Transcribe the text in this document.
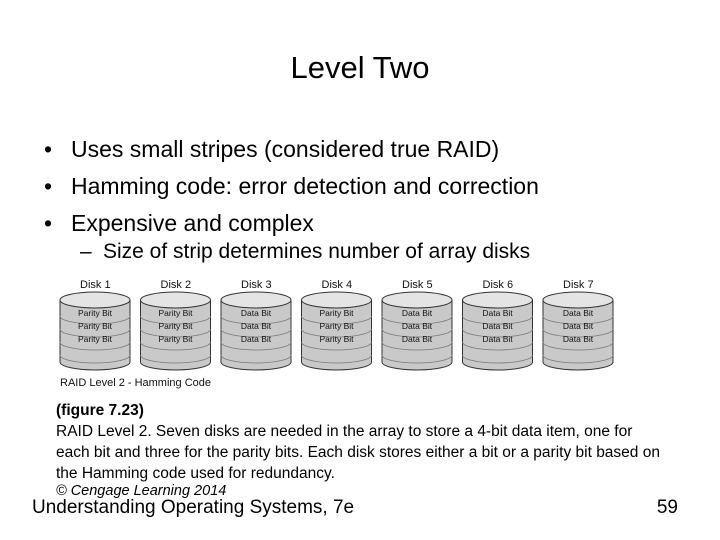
Level Two
• Uses small stripes (considered true RAID)
• Hamming code: error detection and correction
• Expensive and complex
– Size of strip determines number of array disks
Disk 1
Parity Bit
Parity Bit
Parity Bit
Disk 2
Parity Bit
Parity Bit
Parity Bit
Disk 3
Data Bit
Data Bit
Data Bit
Disk 4
Parity Bit
Parity Bit
Parity Bit
Disk 5
Data Bit
Data Bit
Data Bit
Disk 6
Data Bit
Data Bit
Data Bit
Disk 7
Data Bit
Data Bit
Data Bit
RAID Level 2 - Hamming Code
(figure 7.23)
RAID Level 2. Seven disks are needed in the array to store a 4-bit data item, one for each bit and three for the parity bits. Each disk stores either a bit or a parity bit based on the Hamming code used for redundancy.
© Cengage Learning 2014
Understanding Operating Systems, 7e	59
